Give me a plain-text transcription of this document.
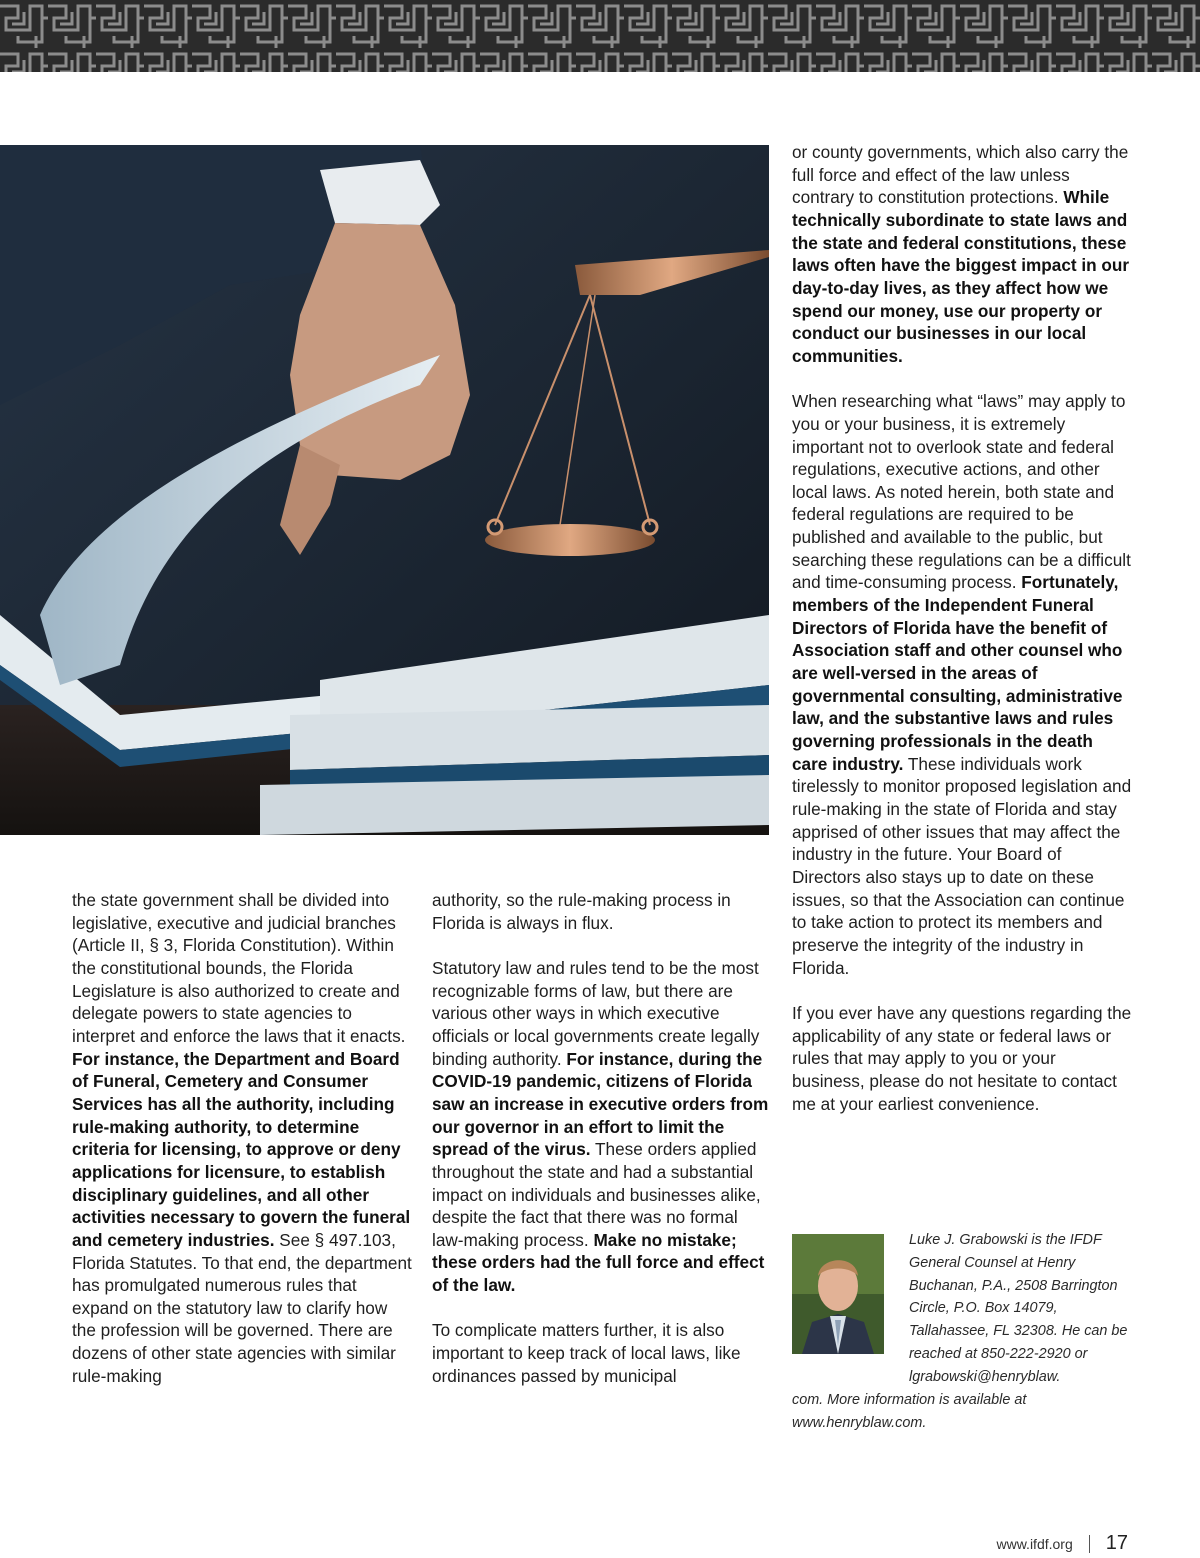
the state government shall be divided into legislative, executive and judicial branches (Article II, § 3, Florida Constitution). Within the constitutional bounds, the Florida Legislature is also authorized to create and delegate powers to state agencies to interpret and enforce the laws that it enacts. For instance, the Department and Board of Funeral, Cemetery and Consumer Services has all the authority, including rule-making authority, to determine criteria for licensing, to approve or deny applications for licensure, to establish disciplinary guidelines, and all other activities necessary to govern the funeral and cemetery industries. See § 497.103, Florida Statutes. To that end, the department has promulgated numerous rules that expand on the statutory law to clarify how the profession will be governed. There are dozens of other state agencies with similar rule-making

authority, so the rule-making process in Florida is always in flux.

Statutory law and rules tend to be the most recognizable forms of law, but there are various other ways in which executive officials or local governments create legally binding authority. For instance, during the COVID-19 pandemic, citizens of Florida saw an increase in executive orders from our governor in an effort to limit the spread of the virus. These orders applied throughout the state and had a substantial impact on individuals and businesses alike, despite the fact that there was no formal law-making process. Make no mistake; these orders had the full force and effect of the law.

To complicate matters further, it is also important to keep track of local laws, like ordinances passed by municipal

or county governments, which also carry the full force and effect of the law unless contrary to constitution protections. While technically subordinate to state laws and the state and federal constitutions, these laws often have the biggest impact in our day-to-day lives, as they affect how we spend our money, use our property or conduct our businesses in our local communities.

When researching what “laws” may apply to you or your business, it is extremely important not to overlook state and federal regulations, executive actions, and other local laws. As noted herein, both state and federal regulations are required to be published and available to the public, but searching these regulations can be a difficult and time-consuming process. Fortunately, members of the Independent Funeral Directors of Florida have the benefit of Association staff and other counsel who are well-versed in the areas of governmental consulting, administrative law, and the substantive laws and rules governing professionals in the death care industry. These individuals work tirelessly to monitor proposed legislation and rule-making in the state of Florida and stay apprised of other issues that may affect the industry in the future. Your Board of Directors also stays up to date on these issues, so that the Association can continue to take action to protect its members and preserve the integrity of the industry in Florida.

If you ever have any questions regarding the applicability of any state or federal laws or rules that may apply to you or your business, please do not hesitate to contact me at your earliest convenience.

Luke J. Grabowski is the IFDF General Counsel at Henry Buchanan, P.A., 2508 Barrington Circle, P.O. Box 14079, Tallahassee, FL 32308. He can be reached at 850-222-2920 or lgrabowski@henryblaw.
com. More information is available at www.henryblaw.com.
www.ifdf.org 17
